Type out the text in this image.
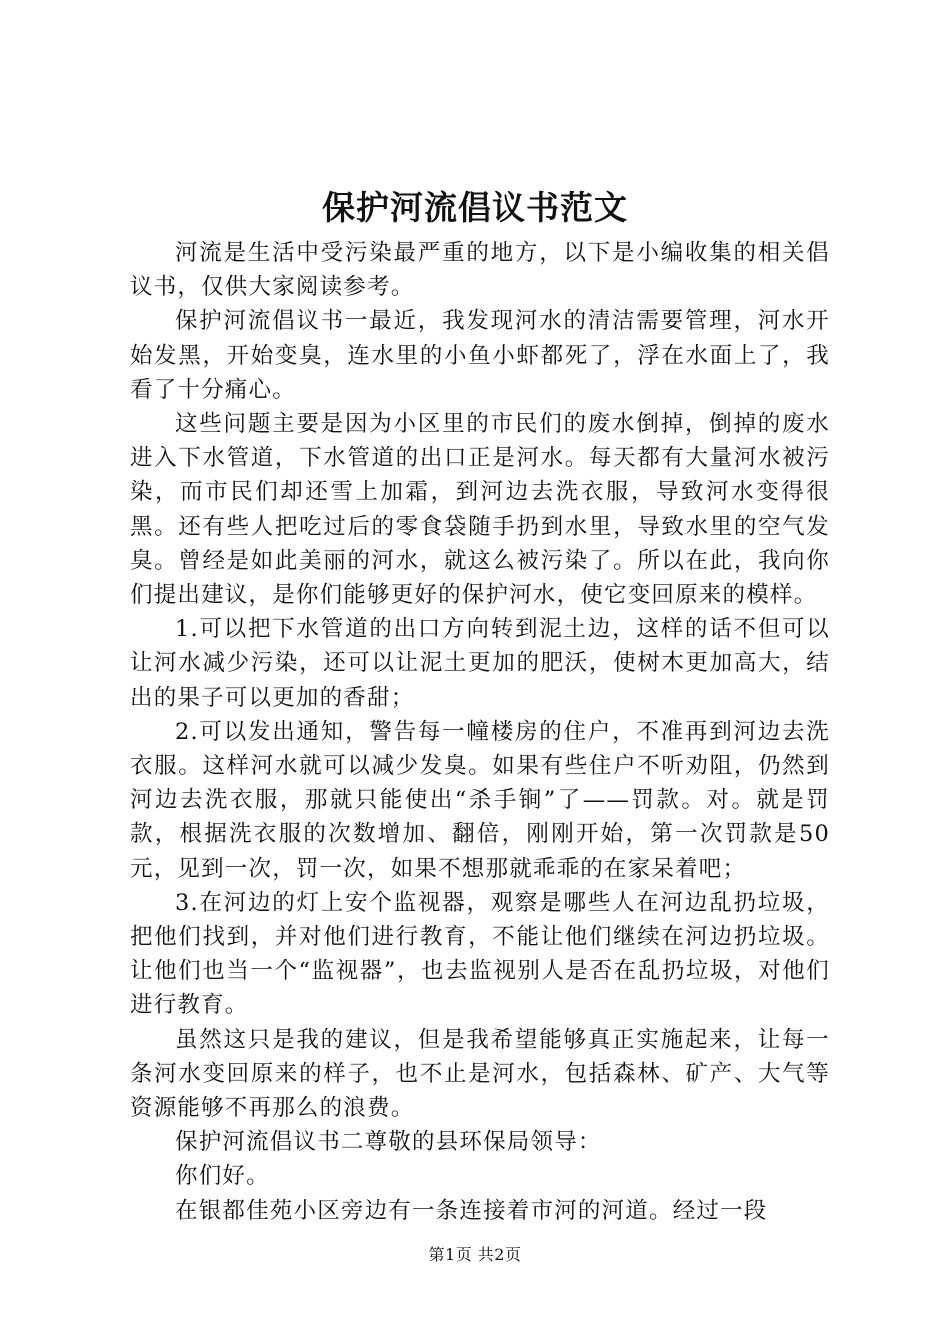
保护河流倡议书范文

河流是生活中受污染最严重的地方，以下是小编收集的相关倡议书，仅供大家阅读参考。

保护河流倡议书一最近，我发现河水的清洁需要管理，河水开始发黑，开始变臭，连水里的小鱼小虾都死了，浮在水面上了，我看了十分痛心。

这些问题主要是因为小区里的市民们的废水倒掉，倒掉的废水进入下水管道，下水管道的出口正是河水。每天都有大量河水被污染，而市民们却还雪上加霜，到河边去洗衣服，导致河水变得很黑。还有些人把吃过后的零食袋随手扔到水里，导致水里的空气发臭。曾经是如此美丽的河水，就这么被污染了。所以在此，我向你们提出建议，是你们能够更好的保护河水，使它变回原来的模样。

1.可以把下水管道的出口方向转到泥土边，这样的话不但可以让河水减少污染，还可以让泥土更加的肥沃，使树木更加高大，结出的果子可以更加的香甜；

2.可以发出通知，警告每一幢楼房的住户，不准再到河边去洗衣服。这样河水就可以减少发臭。如果有些住户不听劝阻，仍然到河边去洗衣服，那就只能使出“杀手锏”了——罚款。对。就是罚款，根据洗衣服的次数增加、翻倍，刚刚开始，第一次罚款是50元，见到一次，罚一次，如果不想那就乖乖的在家呆着吧；

3.在河边的灯上安个监视器，观察是哪些人在河边乱扔垃圾，把他们找到，并对他们进行教育，不能让他们继续在河边扔垃圾。让他们也当一个“监视器”，也去监视别人是否在乱扔垃圾，对他们进行教育。

虽然这只是我的建议，但是我希望能够真正实施起来，让每一条河水变回原来的样子，也不止是河水，包括森林、矿产、大气等资源能够不再那么的浪费。

保护河流倡议书二尊敬的县环保局领导：

你们好。

在银都佳苑小区旁边有一条连接着市河的河道。经过一段

第1页 共2页
